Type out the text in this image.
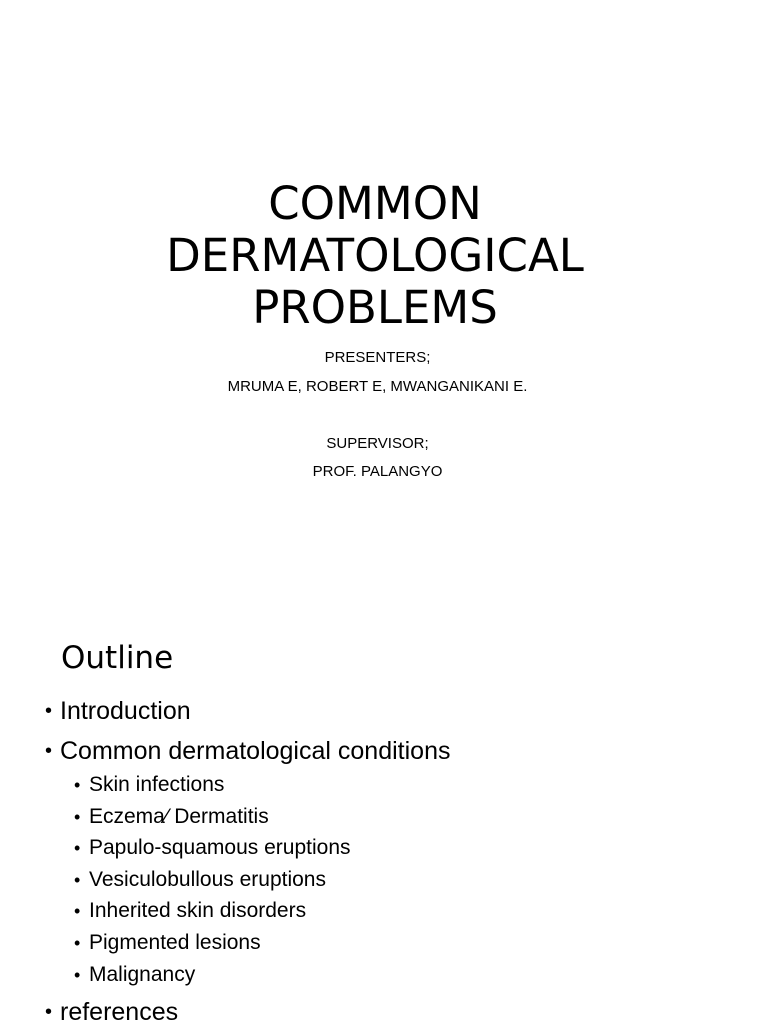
COMMON
DERMATOLOGICAL
PROBLEMS
PRESENTERS;
MRUMA E, ROBERT E, MWANGANIKANI E.
SUPERVISOR;
PROF. PALANGYO
Outline
• Introduction
• Common dermatological conditions
• Skin infections
• Eczema⁄ Dermatitis
• Papulo-squamous eruptions
• Vesiculobullous eruptions
• Inherited skin disorders
• Pigmented lesions
• Malignancy
• references
